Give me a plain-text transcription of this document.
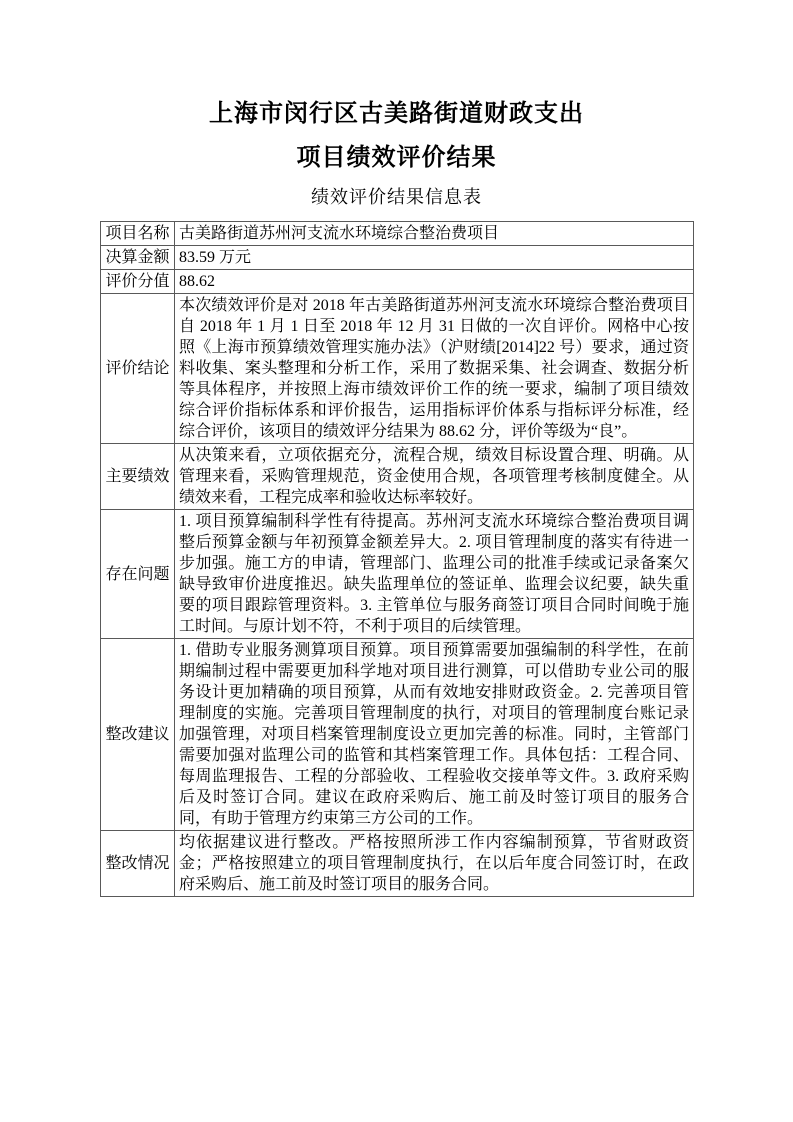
上海市闵行区古美路街道财政支出
项目绩效评价结果
绩效评价结果信息表
项目名称	古美路街道苏州河支流水环境综合整治费项目
决算金额	83.59 万元
评价分值	88.62
评价结论	本次绩效评价是对 2018 年古美路街道苏州河支流水环境综合整治费项目自 2018 年 1 月 1 日至 2018 年 12 月 31 日做的一次自评价。网格中心按照《上海市预算绩效管理实施办法》（沪财绩[2014]22 号）要求，通过资料收集、案头整理和分析工作，采用了数据采集、社会调查、数据分析等具体程序，并按照上海市绩效评价工作的统一要求，编制了项目绩效综合评价指标体系和评价报告，运用指标评价体系与指标评分标准，经综合评价，该项目的绩效评分结果为 88.62 分，评价等级为“良”。
主要绩效	从决策来看，立项依据充分，流程合规，绩效目标设置合理、明确。从管理来看，采购管理规范，资金使用合规，各项管理考核制度健全。从绩效来看，工程完成率和验收达标率较好。
存在问题	1. 项目预算编制科学性有待提高。苏州河支流水环境综合整治费项目调整后预算金额与年初预算金额差异大。2. 项目管理制度的落实有待进一步加强。施工方的申请，管理部门、监理公司的批准手续或记录备案欠缺导致审价进度推迟。缺失监理单位的签证单、监理会议纪要，缺失重要的项目跟踪管理资料。3. 主管单位与服务商签订项目合同时间晚于施工时间。与原计划不符，不利于项目的后续管理。
整改建议	1. 借助专业服务测算项目预算。项目预算需要加强编制的科学性，在前期编制过程中需要更加科学地对项目进行测算，可以借助专业公司的服务设计更加精确的项目预算，从而有效地安排财政资金。2. 完善项目管理制度的实施。完善项目管理制度的执行，对项目的管理制度台账记录加强管理，对项目档案管理制度设立更加完善的标准。同时，主管部门需要加强对监理公司的监管和其档案管理工作。具体包括：工程合同、每周监理报告、工程的分部验收、工程验收交接单等文件。3. 政府采购后及时签订合同。建议在政府采购后、施工前及时签订项目的服务合同，有助于管理方约束第三方公司的工作。
整改情况	均依据建议进行整改。严格按照所涉工作内容编制预算，节省财政资金；严格按照建立的项目管理制度执行，在以后年度合同签订时，在政府采购后、施工前及时签订项目的服务合同。
